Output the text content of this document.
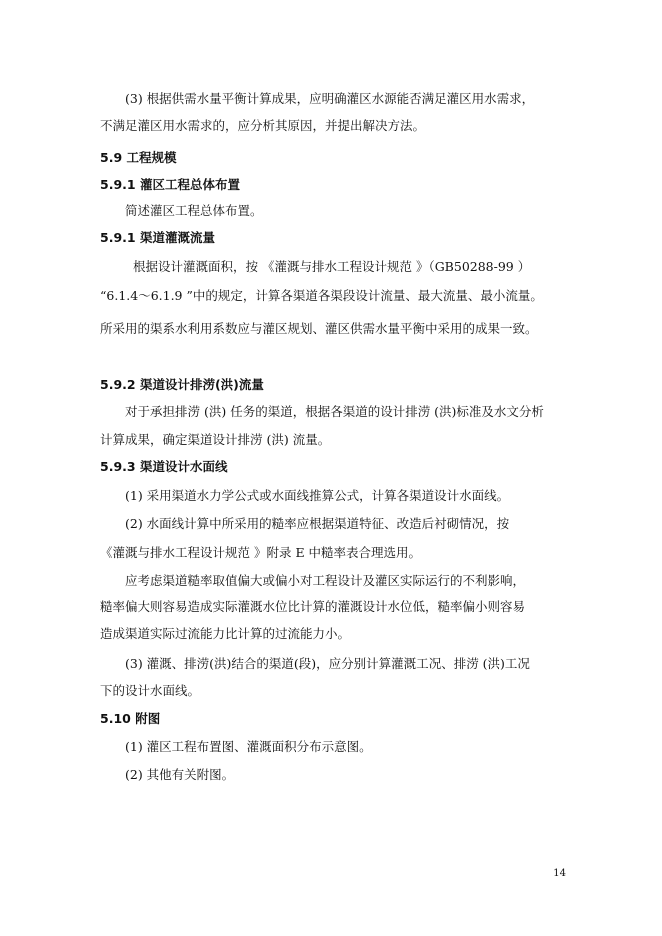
(3) 根据供需水量平衡计算成果，应明确灌区水源能否满足灌区用水需求，
不满足灌区用水需求的，应分析其原因，并提出解决方法。
5.9 工程规模
5.9.1 灌区工程总体布置
简述灌区工程总体布置。
5.9.1 渠道灌溉流量
根据设计灌溉面积，按 《灌溉与排水工程设计规范 》（GB50288-99 ）
“6.1.4～6.1.9 ”中的规定，计算各渠道各渠段设计流量、最大流量、最小流量。
所采用的渠系水利用系数应与灌区规划、灌区供需水量平衡中采用的成果一致。
5.9.2 渠道设计排涝(洪)流量
对于承担排涝 (洪) 任务的渠道，根据各渠道的设计排涝 (洪)标准及水文分析
计算成果，确定渠道设计排涝 (洪) 流量。
5.9.3 渠道设计水面线
(1) 采用渠道水力学公式或水面线推算公式，计算各渠道设计水面线。
(2) 水面线计算中所采用的糙率应根据渠道特征、改造后衬砌情况，按
《灌溉与排水工程设计规范 》附录 E 中糙率表合理选用。
应考虑渠道糙率取值偏大或偏小对工程设计及灌区实际运行的不利影响，
糙率偏大则容易造成实际灌溉水位比计算的灌溉设计水位低，糙率偏小则容易
造成渠道实际过流能力比计算的过流能力小。
(3) 灌溉、排涝(洪)结合的渠道(段)，应分别计算灌溉工况、排涝 (洪)工况
下的设计水面线。
5.10 附图
(1) 灌区工程布置图、灌溉面积分布示意图。
(2) 其他有关附图。
14
